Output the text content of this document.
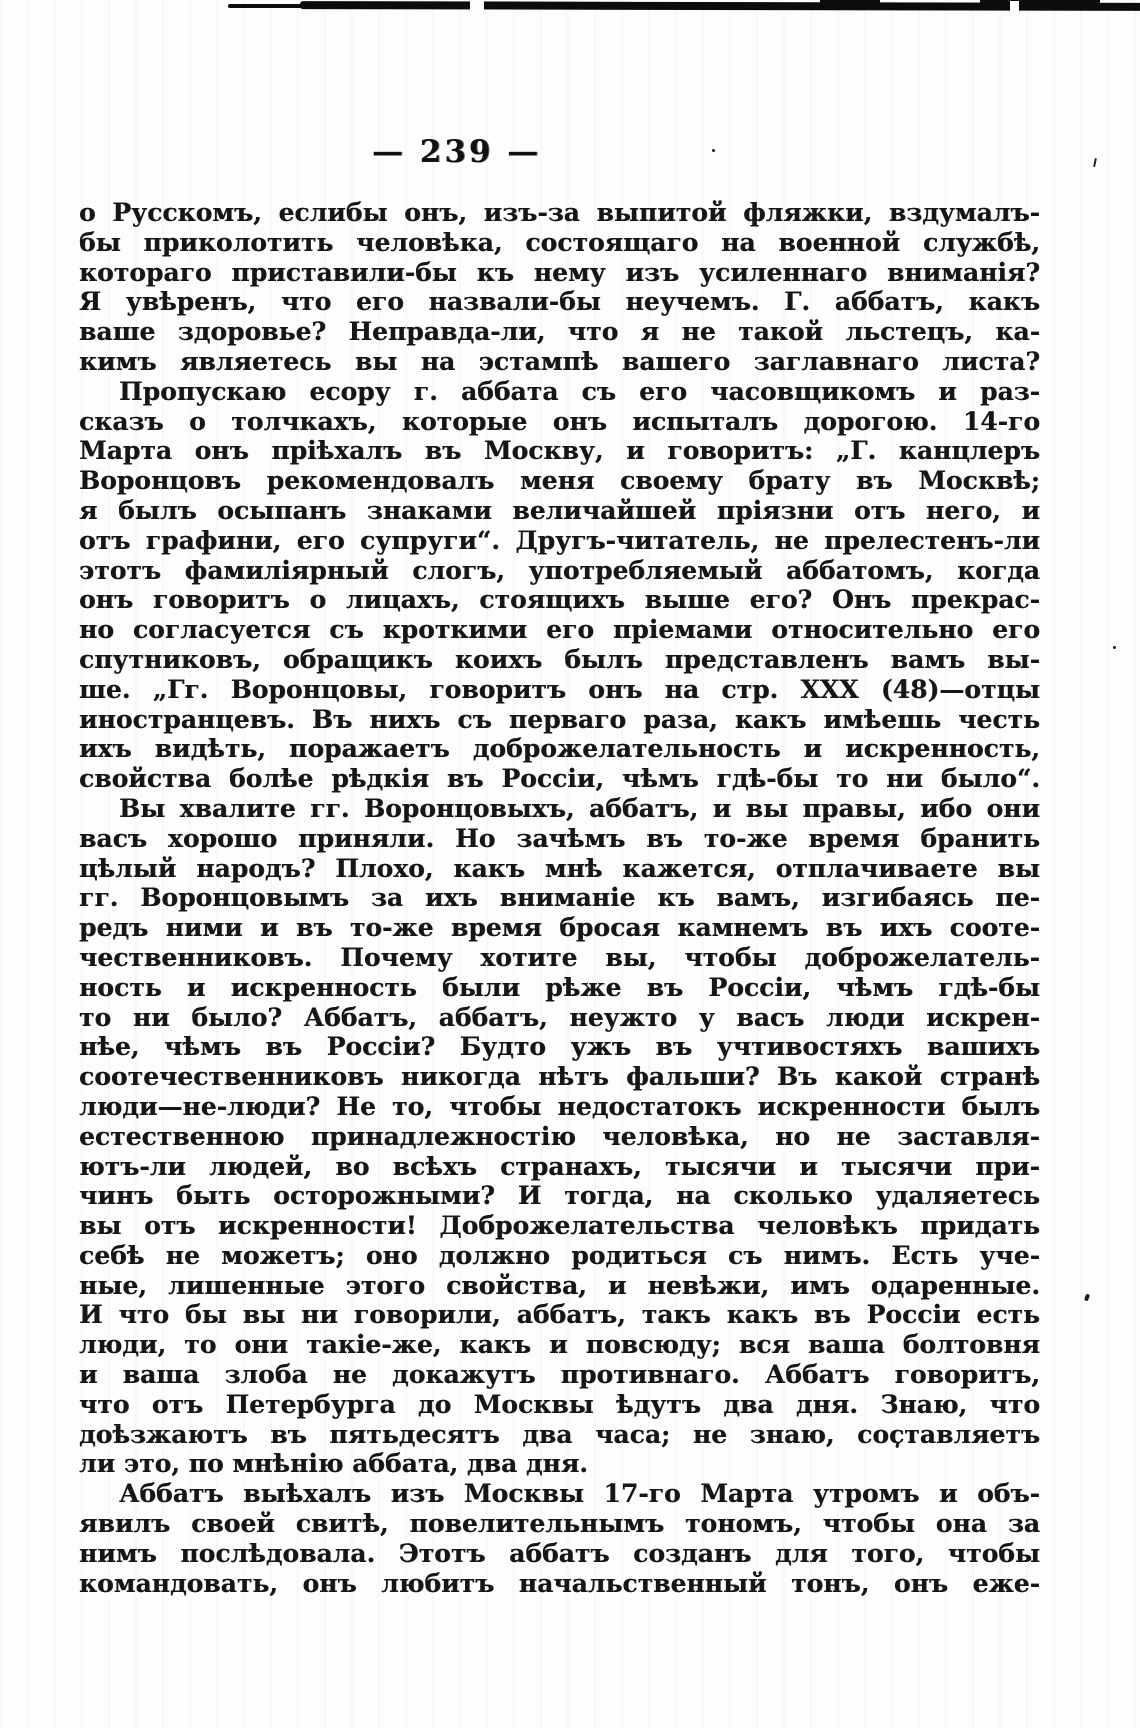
— 239 —
о Русскомъ, еслибы онъ, изъ-за выпитой фляжки, вздумалъ-
бы приколотить человѣка, состоящаго на военной службѣ,
котораго приставили-бы къ нему изъ усиленнаго вниманія?
Я увѣренъ, что его назвали-бы неучемъ. Г. аббатъ, какъ
ваше здоровье? Неправда-ли, что я не такой льстецъ, ка-
кимъ являетесь вы на эстампѣ вашего заглавнаго листа?
Пропускаю есору г. аббата съ его часовщикомъ и раз-
сказъ о толчкахъ, которые онъ испыталъ дорогою. 14-го
Марта онъ пріѣхалъ въ Москву, и говоритъ: „Г. канцлеръ
Воронцовъ рекомендовалъ меня своему брату въ Москвѣ;
я былъ осыпанъ знаками величайшей пріязни отъ него, и
отъ графини, его супруги“. Другъ-читатель, не прелестенъ-ли
этотъ фамиліярный слогъ, употребляемый аббатомъ, когда
онъ говоритъ о лицахъ, стоящихъ выше его? Онъ прекрас-
но согласуется съ кроткими его пріемами относительно его
спутниковъ, обращикъ коихъ былъ представленъ вамъ вы-
ше. „Гг. Воронцовы, говоритъ онъ на стр. XXX (48)—отцы
иностранцевъ. Въ нихъ съ перваго раза, какъ имѣешь честь
ихъ видѣть, поражаетъ доброжелательность и искренность,
свойства болѣе рѣдкія въ Россіи, чѣмъ гдѣ-бы то ни было“.
Вы хвалите гг. Воронцовыхъ, аббатъ, и вы правы, ибо они
васъ хорошо приняли. Но зачѣмъ въ то-же время бранить
цѣлый народъ? Плохо, какъ мнѣ кажется, отплачиваете вы
гг. Воронцовымъ за ихъ вниманіе къ вамъ, изгибаясь пе-
редъ ними и въ то-же время бросая камнемъ въ ихъ сооте-
чественниковъ. Почему хотите вы, чтобы доброжелатель-
ность и искренность были рѣже въ Россіи, чѣмъ гдѣ-бы
то ни было? Аббатъ, аббатъ, неужто у васъ люди искрен-
нѣе, чѣмъ въ Россіи? Будто ужъ въ учтивостяхъ вашихъ
соотечественниковъ никогда нѣтъ фальши? Въ какой странѣ
люди—не-люди? Не то, чтобы недостатокъ искренности былъ
естественною принадлежностію человѣка, но не заставля-
ютъ-ли людей, во всѣхъ странахъ, тысячи и тысячи при-
чинъ быть осторожными? И тогда, на сколько удаляетесь
вы отъ искренности! Доброжелательства человѣкъ придать
себѣ не можетъ; оно должно родиться съ нимъ. Есть уче-
ные, лишенные этого свойства, и невѣжи, имъ одаренные.
И что бы вы ни говорили, аббатъ, такъ какъ въ Россіи есть
люди, то они такіе-же, какъ и повсюду; вся ваша болтовня
и ваша злоба не докажутъ противнаго. Аббатъ говоритъ,
что отъ Петербурга до Москвы ѣдутъ два дня. Знаю, что
доѣзжаютъ въ пятьдесятъ два часа; не знаю, составляетъ
ли это, по мнѣнію аббата, два дня.
Аббатъ выѣхалъ изъ Москвы 17-го Марта утромъ и объ-
явилъ своей свитѣ, повелительнымъ тономъ, чтобы она за
нимъ послѣдовала. Этотъ аббатъ созданъ для того, чтобы
командовать, онъ любитъ начальственный тонъ, онъ еже-
